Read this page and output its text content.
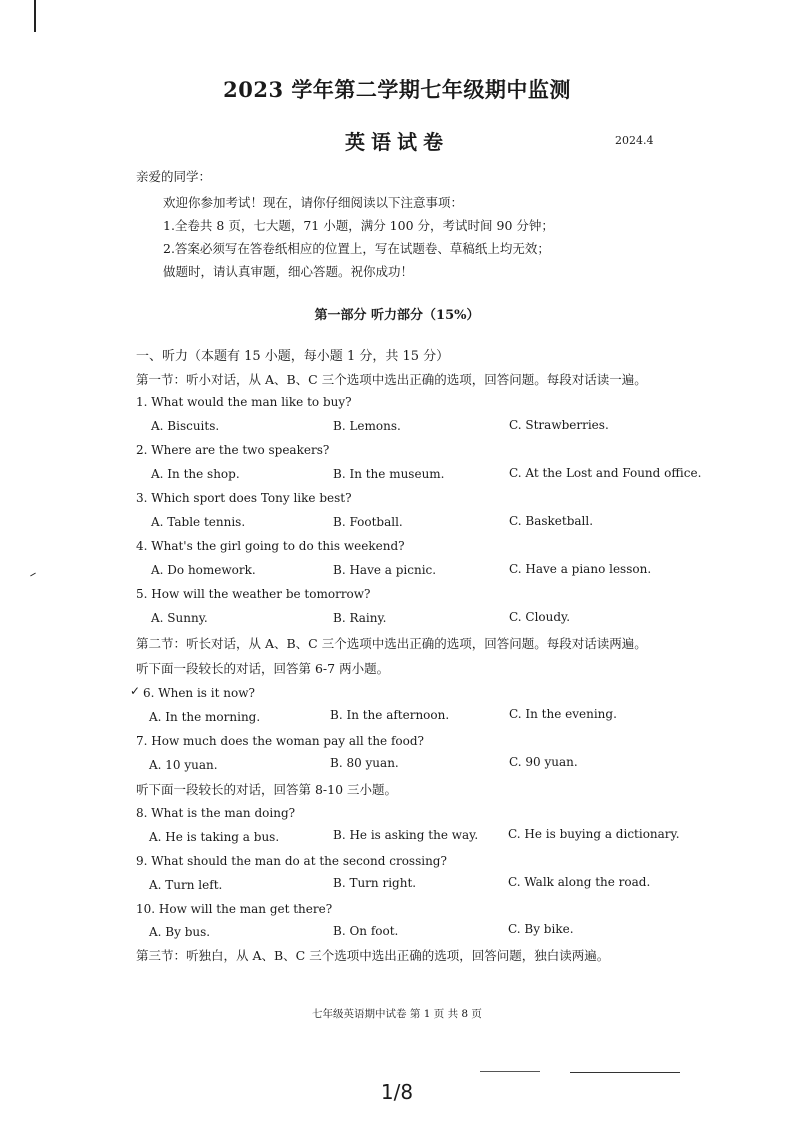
2023 学年第二学期七年级期中监测
英语试卷	2024.4
亲爱的同学：
欢迎你参加考试！现在，请你仔细阅读以下注意事项：
1.全卷共 8 页，七大题，71 小题，满分 100 分，考试时间 90 分钟；
2.答案必须写在答卷纸相应的位置上，写在试题卷、草稿纸上均无效；
做题时，请认真审题，细心答题。祝你成功！
第一部分 听力部分（15%）
一、听力（本题有 15 小题，每小题 1 分，共 15 分）
第一节：听小对话，从 A、B、C 三个选项中选出正确的选项，回答问题。每段对话读一遍。
1. What would the man like to buy?
A. Biscuits.	B. Lemons.	C. Strawberries.
2. Where are the two speakers?
A. In the shop.	B. In the museum.	C. At the Lost and Found office.
3. Which sport does Tony like best?
A. Table tennis.	B. Football.	C. Basketball.
4. What's the girl going to do this weekend?
A. Do homework.	B. Have a picnic.	C. Have a piano lesson.
5. How will the weather be tomorrow?
A. Sunny.	B. Rainy.	C. Cloudy.
第二节：听长对话，从 A、B、C 三个选项中选出正确的选项，回答问题。每段对话读两遍。
听下面一段较长的对话，回答第 6-7 两小题。
✓ 6. When is it now?
A. In the morning.	B. In the afternoon.	C. In the evening.
7. How much does the woman pay all the food?
A. 10 yuan.	B. 80 yuan.	C. 90 yuan.
听下面一段较长的对话，回答第 8-10 三小题。
8. What is the man doing?
A. He is taking a bus.	B. He is asking the way. C. He is buying a dictionary.
9. What should the man do at the second crossing?
A. Turn left.	B. Turn right.	C. Walk along the road.
10. How will the man get there?
A. By bus.	B. On foot.	C. By bike.
第三节：听独白，从 A、B、C 三个选项中选出正确的选项，回答问题，独白读两遍。
七年级英语期中试卷 第 1 页 共 8 页
1/8
